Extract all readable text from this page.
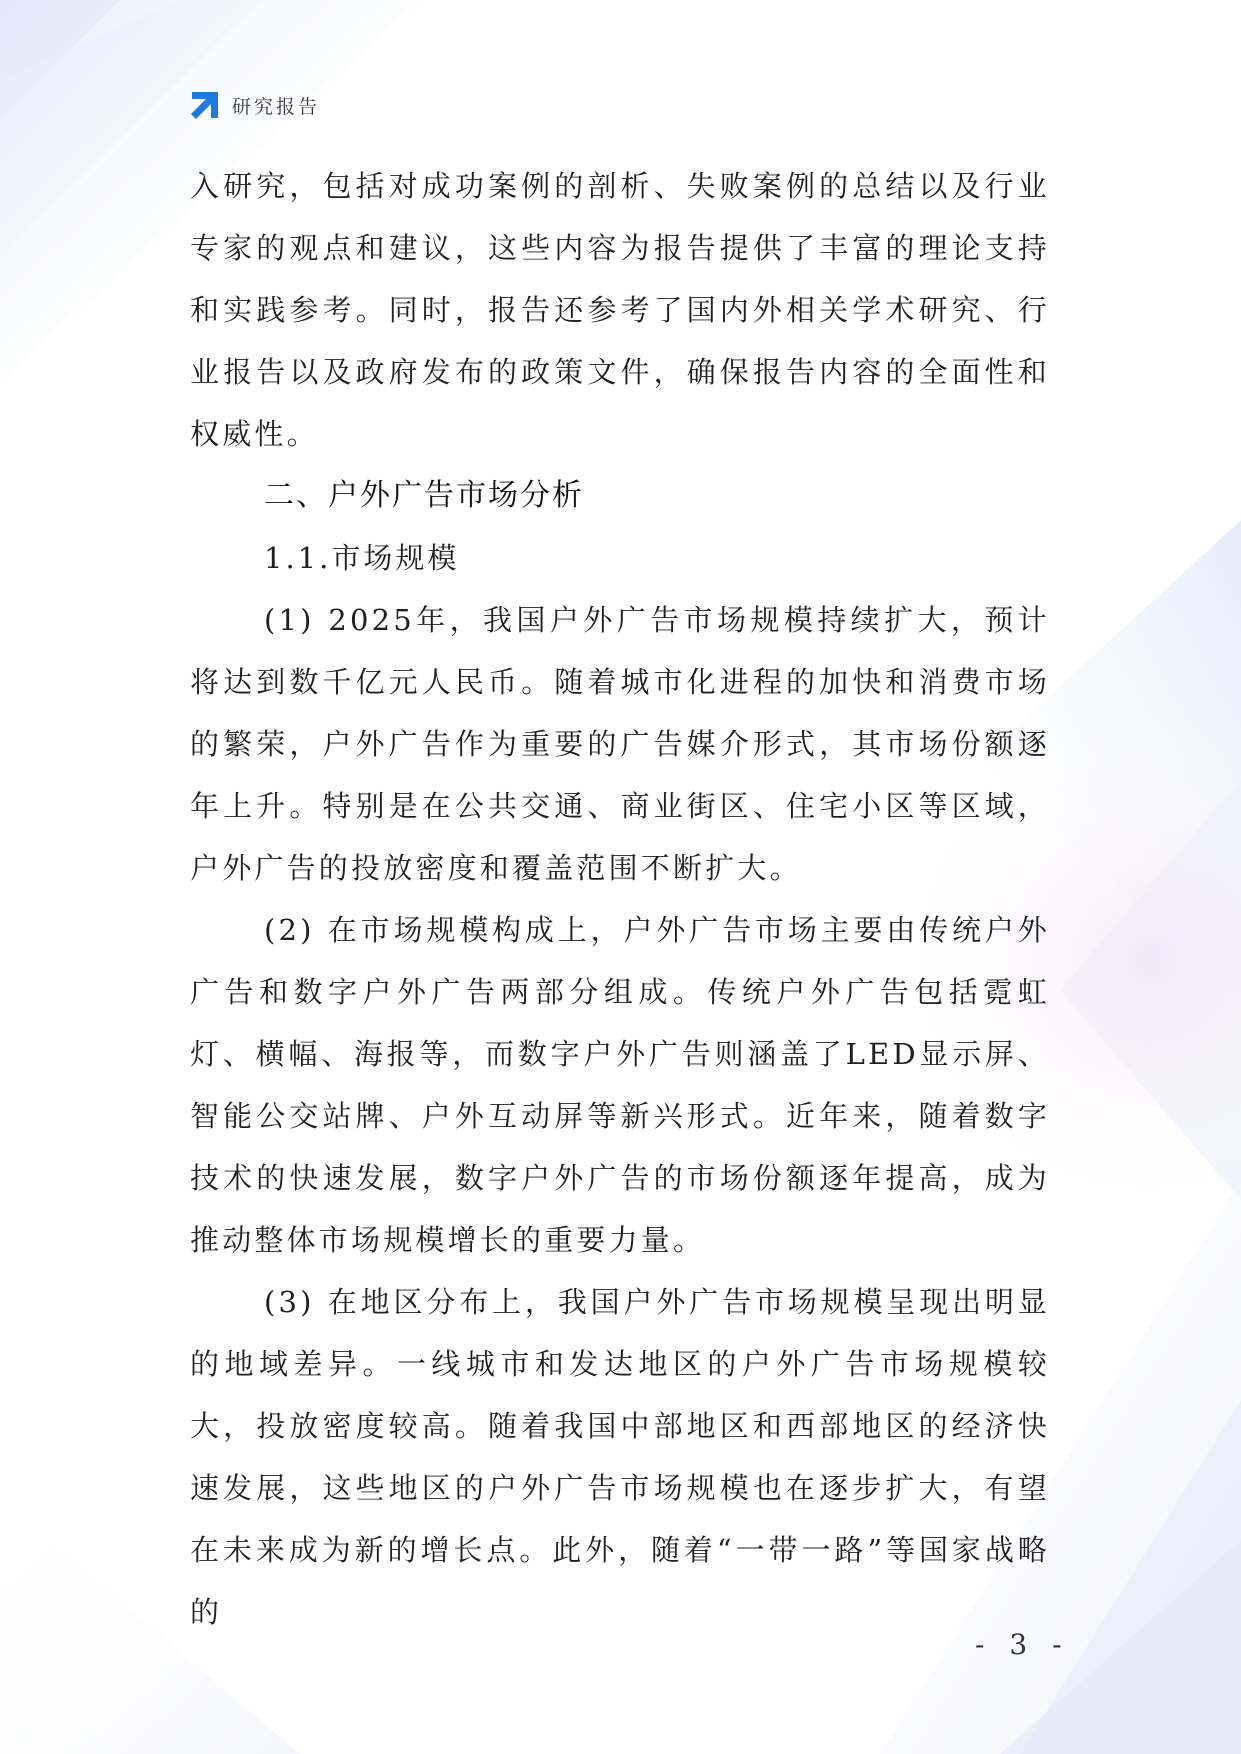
研究报告

入研究，包括对成功案例的剖析、失败案例的总结以及行业专家的观点和建议，这些内容为报告提供了丰富的理论支持和实践参考。同时，报告还参考了国内外相关学术研究、行业报告以及政府发布的政策文件，确保报告内容的全面性和权威性。

二、户外广告市场分析

1.1.市场规模

(1) 2025年，我国户外广告市场规模持续扩大，预计将达到数千亿元人民币。随着城市化进程的加快和消费市场的繁荣，户外广告作为重要的广告媒介形式，其市场份额逐年上升。特别是在公共交通、商业街区、住宅小区等区域，户外广告的投放密度和覆盖范围不断扩大。

(2) 在市场规模构成上，户外广告市场主要由传统户外广告和数字户外广告两部分组成。传统户外广告包括霓虹灯、横幅、海报等，而数字户外广告则涵盖了LED显示屏、智能公交站牌、户外互动屏等新兴形式。近年来，随着数字技术的快速发展，数字户外广告的市场份额逐年提高，成为推动整体市场规模增长的重要力量。

(3) 在地区分布上，我国户外广告市场规模呈现出明显的地域差异。一线城市和发达地区的户外广告市场规模较大，投放密度较高。随着我国中部地区和西部地区的经济快速发展，这些地区的户外广告市场规模也在逐步扩大，有望在未来成为新的增长点。此外，随着“一带一路”等国家战略的

- 3 -
